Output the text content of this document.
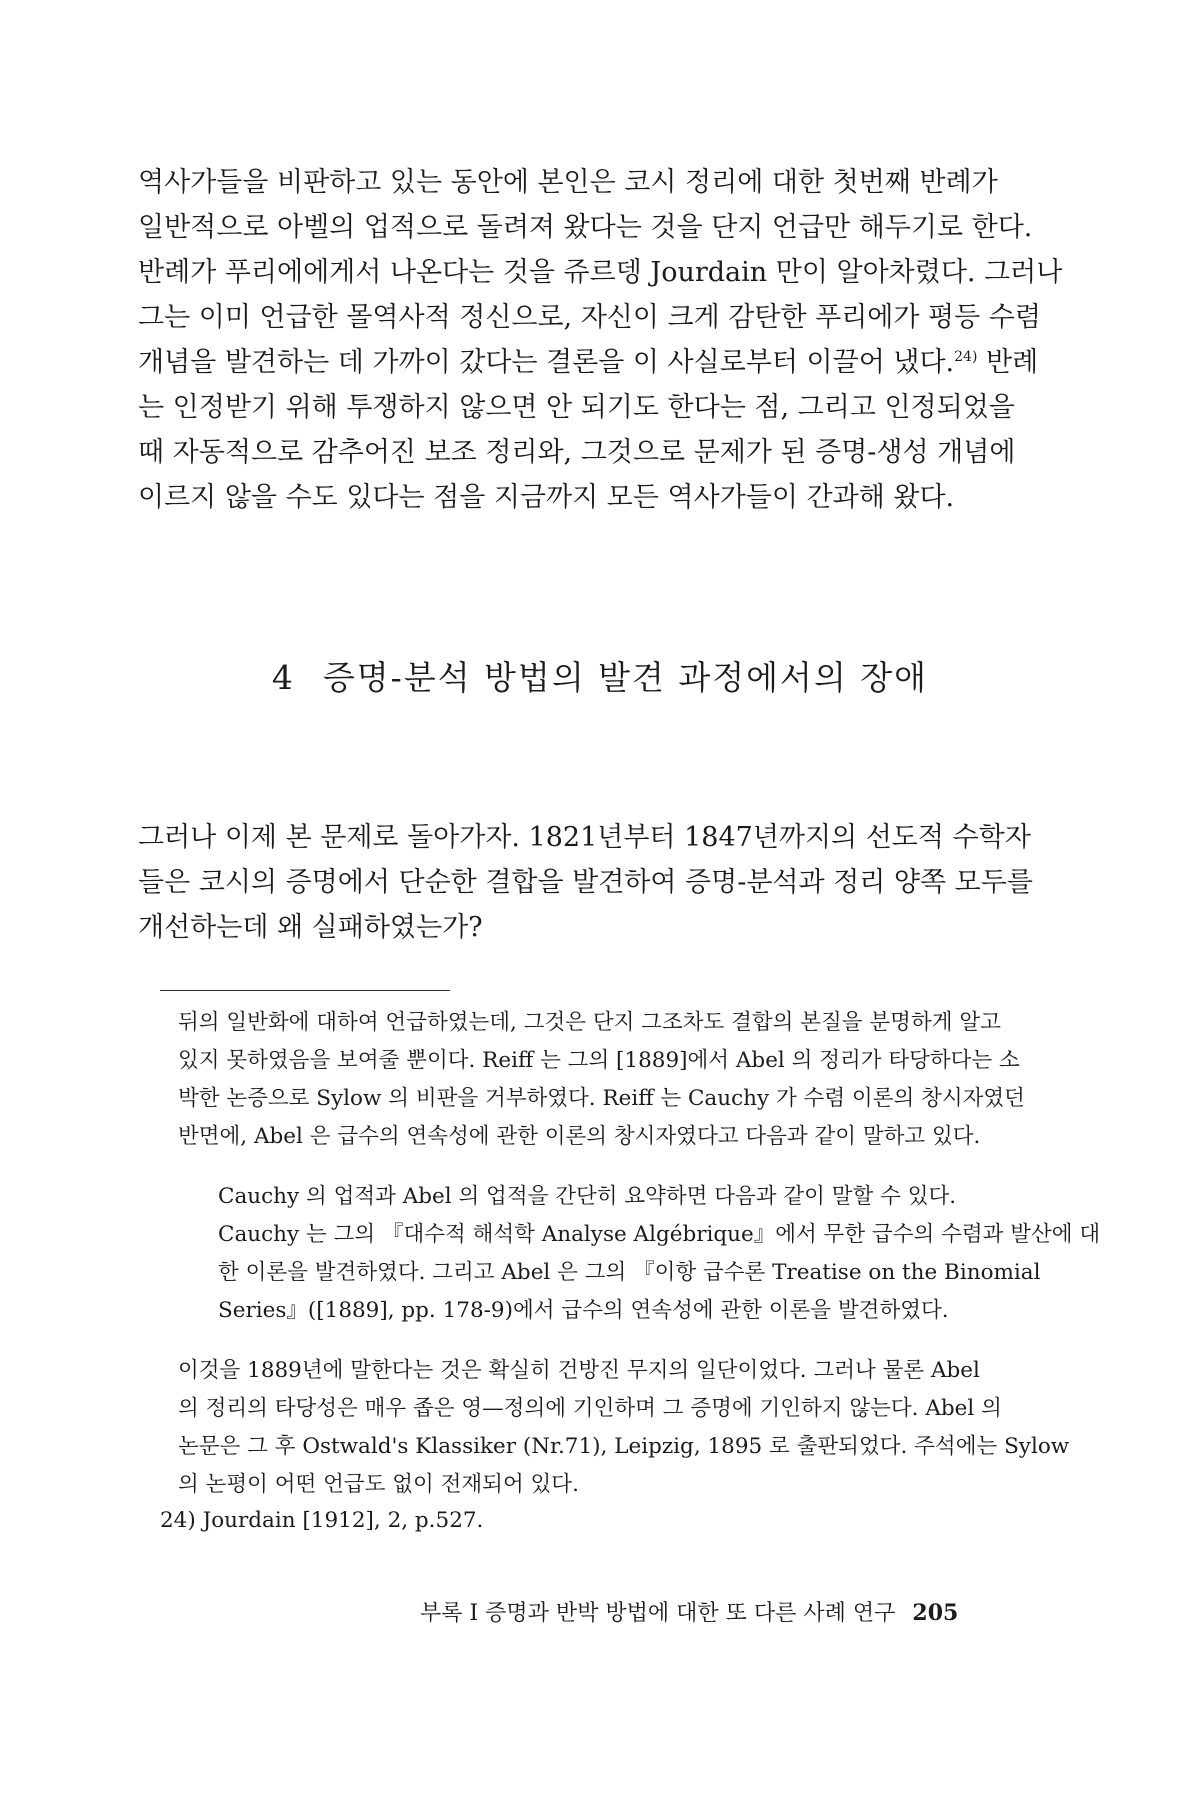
역사가들을 비판하고 있는 동안에 본인은 코시 정리에 대한 첫번째 반례가
일반적으로 아벨의 업적으로 돌려져 왔다는 것을 단지 언급만 해두기로 한다.
반례가 푸리에에게서 나온다는 것을 쥬르뎅 Jourdain 만이 알아차렸다. 그러나
그는 이미 언급한 몰역사적 정신으로, 자신이 크게 감탄한 푸리에가 평등 수렴
개념을 발견하는 데 가까이 갔다는 결론을 이 사실로부터 이끌어 냈다.$^{24)}$ 반례
는 인정받기 위해 투쟁하지 않으면 안 되기도 한다는 점, 그리고 인정되었을
때 자동적으로 감추어진 보조 정리와, 그것으로 문제가 된 증명-생성 개념에
이르지 않을 수도 있다는 점을 지금까지 모든 역사가들이 간과해 왔다.

4 증명-분석 방법의 발견 과정에서의 장애

그러나 이제 본 문제로 돌아가자. 1821년부터 1847년까지의 선도적 수학자
들은 코시의 증명에서 단순한 결합을 발견하여 증명-분석과 정리 양쪽 모두를
개선하는데 왜 실패하였는가?

뒤의 일반화에 대하여 언급하였는데, 그것은 단지 그조차도 결합의 본질을 분명하게 알고
있지 못하였음을 보여줄 뿐이다. Reiff 는 그의 [1889]에서 Abel 의 정리가 타당하다는 소
박한 논증으로 Sylow 의 비판을 거부하였다. Reiff 는 Cauchy 가 수렴 이론의 창시자였던
반면에, Abel 은 급수의 연속성에 관한 이론의 창시자였다고 다음과 같이 말하고 있다.

Cauchy 의 업적과 Abel 의 업적을 간단히 요약하면 다음과 같이 말할 수 있다.
Cauchy 는 그의 『대수적 해석학 Analyse Algébrique』에서 무한 급수의 수렴과 발산에 대
한 이론을 발견하였다. 그리고 Abel 은 그의 『이항 급수론 Treatise on the Binomial
Series』([1889], pp. 178-9)에서 급수의 연속성에 관한 이론을 발견하였다.

이것을 1889년에 말한다는 것은 확실히 건방진 무지의 일단이었다. 그러나 물론 Abel
의 정리의 타당성은 매우 좁은 영—정의에 기인하며 그 증명에 기인하지 않는다. Abel 의
논문은 그 후 Ostwald's Klassiker (Nr.71), Leipzig, 1895 로 출판되었다. 주석에는 Sylow
의 논평이 어떤 언급도 없이 전재되어 있다.

24) Jourdain [1912], 2, p.527.

부록 I 증명과 반박 방법에 대한 또 다른 사례 연구 205
